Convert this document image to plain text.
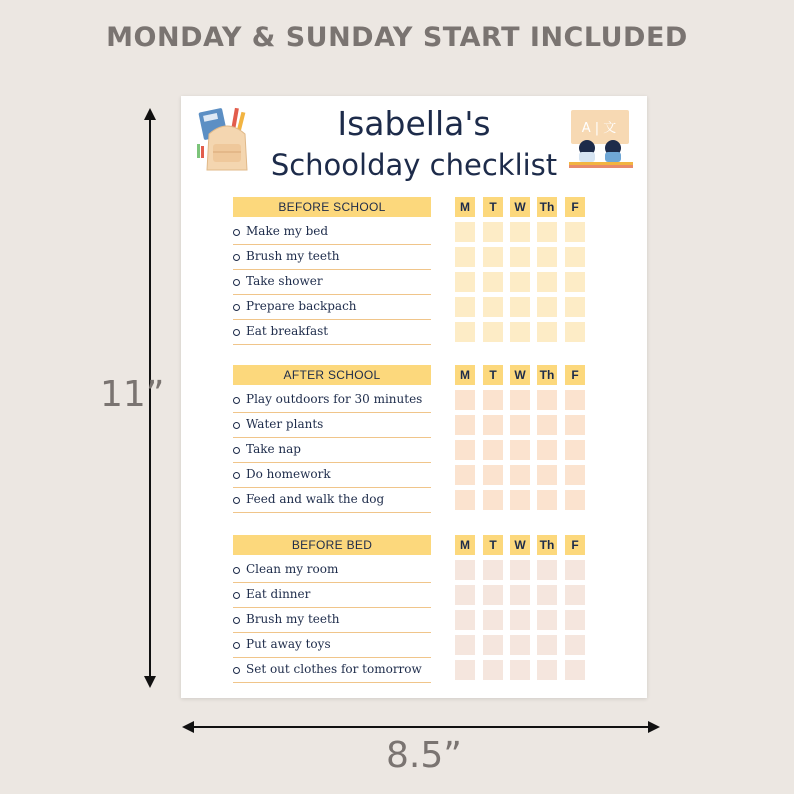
MONDAY & SUNDAY START INCLUDED
11”
8.5”
Isabella's
Schoolday checklist
A | 文
BEFORE SCHOOL	M	T	W	Th	F
Make my bed
Brush my teeth
Take shower
Prepare backpach
Eat breakfast
AFTER SCHOOL	M	T	W	Th	F
Play outdoors for 30 minutes
Water plants
Take nap
Do homework
Feed and walk the dog
BEFORE BED	M	T	W	Th	F
Clean my room
Eat dinner
Brush my teeth
Put away toys
Set out clothes for tomorrow
